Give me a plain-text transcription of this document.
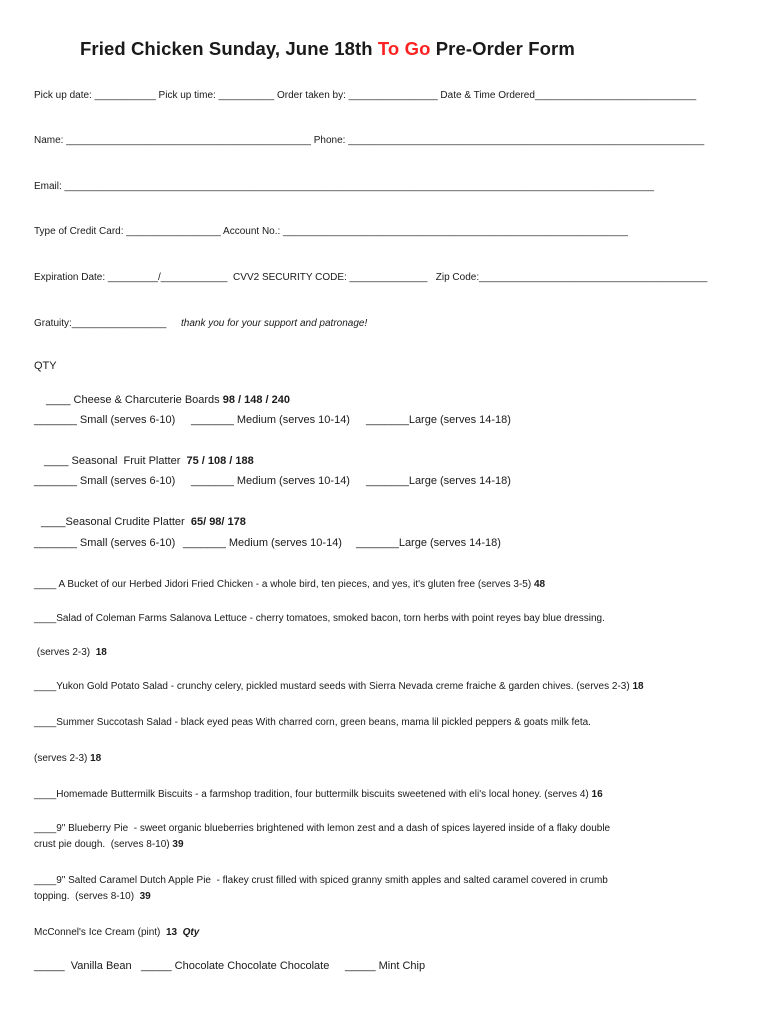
Fried Chicken Sunday, June 18th To Go Pre-Order Form
Pick up date: ___________ Pick up time: __________ Order taken by: ________________ Date & Time Ordered_____________________________
Name: ____________________________________________ Phone: ________________________________________________________________
Email: __________________________________________________________________________________________________________
Type of Credit Card: _________________ Account No.: ______________________________________________________________
Expiration Date: _________/____________  CVV2 SECURITY CODE: ______________   Zip Code:_________________________________________
Gratuity:_________________ thank you for your support and patronage!
QTY
____ Cheese & Charcuterie Boards 98 / 148 / 240
_______ Small (serves 6-10) _______ Medium (serves 10-14) _______Large (serves 14-18)
____ Seasonal  Fruit Platter  75 / 108 / 188
_______ Small (serves 6-10) _______ Medium (serves 10-14) _______Large (serves 14-18)
____Seasonal Crudite Platter  65/ 98/ 178
_______ Small (serves 6-10) _______ Medium (serves 10-14) _______Large (serves 14-18)
____ A Bucket of our Herbed Jidori Fried Chicken - a whole bird, ten pieces, and yes, it's gluten free (serves 3-5) 48
____Salad of Coleman Farms Salanova Lettuce - cherry tomatoes, smoked bacon, torn herbs with point reyes bay blue dressing.
(serves 2-3)  18
____Yukon Gold Potato Salad - crunchy celery, pickled mustard seeds with Sierra Nevada creme fraiche & garden chives. (serves 2-3) 18
____Summer Succotash Salad - black eyed peas With charred corn, green beans, mama lil pickled peppers & goats milk feta.
(serves 2-3) 18
____Homemade Buttermilk Biscuits - a farmshop tradition, four buttermilk biscuits sweetened with eli's local honey. (serves 4) 16
____9" Blueberry Pie  - sweet organic blueberries brightened with lemon zest and a dash of spices layered inside of a flaky double
crust pie dough.  (serves 8-10) 39
____9" Salted Caramel Dutch Apple Pie  - flakey crust filled with spiced granny smith apples and salted caramel covered in crumb
topping.  (serves 8-10)  39
McConnel's Ice Cream (pint)  13 Qty
_____  Vanilla Bean _____ Chocolate Chocolate Chocolate _____ Mint Chip
